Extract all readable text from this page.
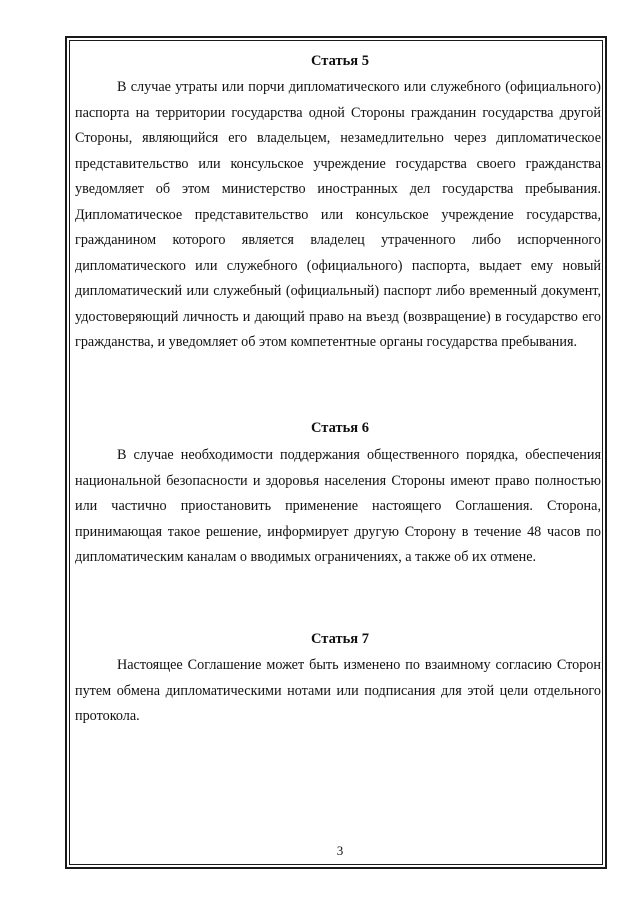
Статья 5

В случае утраты или порчи дипломатического или служебного (официального) паспорта на территории государства одной Стороны гражданин государства другой Стороны, являющийся его владельцем, незамедлительно через дипломатическое представительство или консульское учреждение государства своего гражданства уведомляет об этом министерство иностранных дел государства пребывания. Дипломатическое представительство или консульское учреждение государства, гражданином которого является владелец утраченного либо испорченного дипломатического или служебного (официального) паспорта, выдает ему новый дипломатический или служебный (официальный) паспорт либо временный документ, удостоверяющий личность и дающий право на въезд (возвращение) в государство его гражданства, и уведомляет об этом компетентные органы государства пребывания.

Статья 6

В случае необходимости поддержания общественного порядка, обеспечения национальной безопасности и здоровья населения Стороны имеют право полностью или частично приостановить применение настоящего Соглашения. Сторона, принимающая такое решение, информирует другую Сторону в течение 48 часов по дипломатическим каналам о вводимых ограничениях, а также об их отмене.

Статья 7

Настоящее Соглашение может быть изменено по взаимному согласию Сторон путем обмена дипломатическими нотами или подписания для этой цели отдельного протокола.

3
